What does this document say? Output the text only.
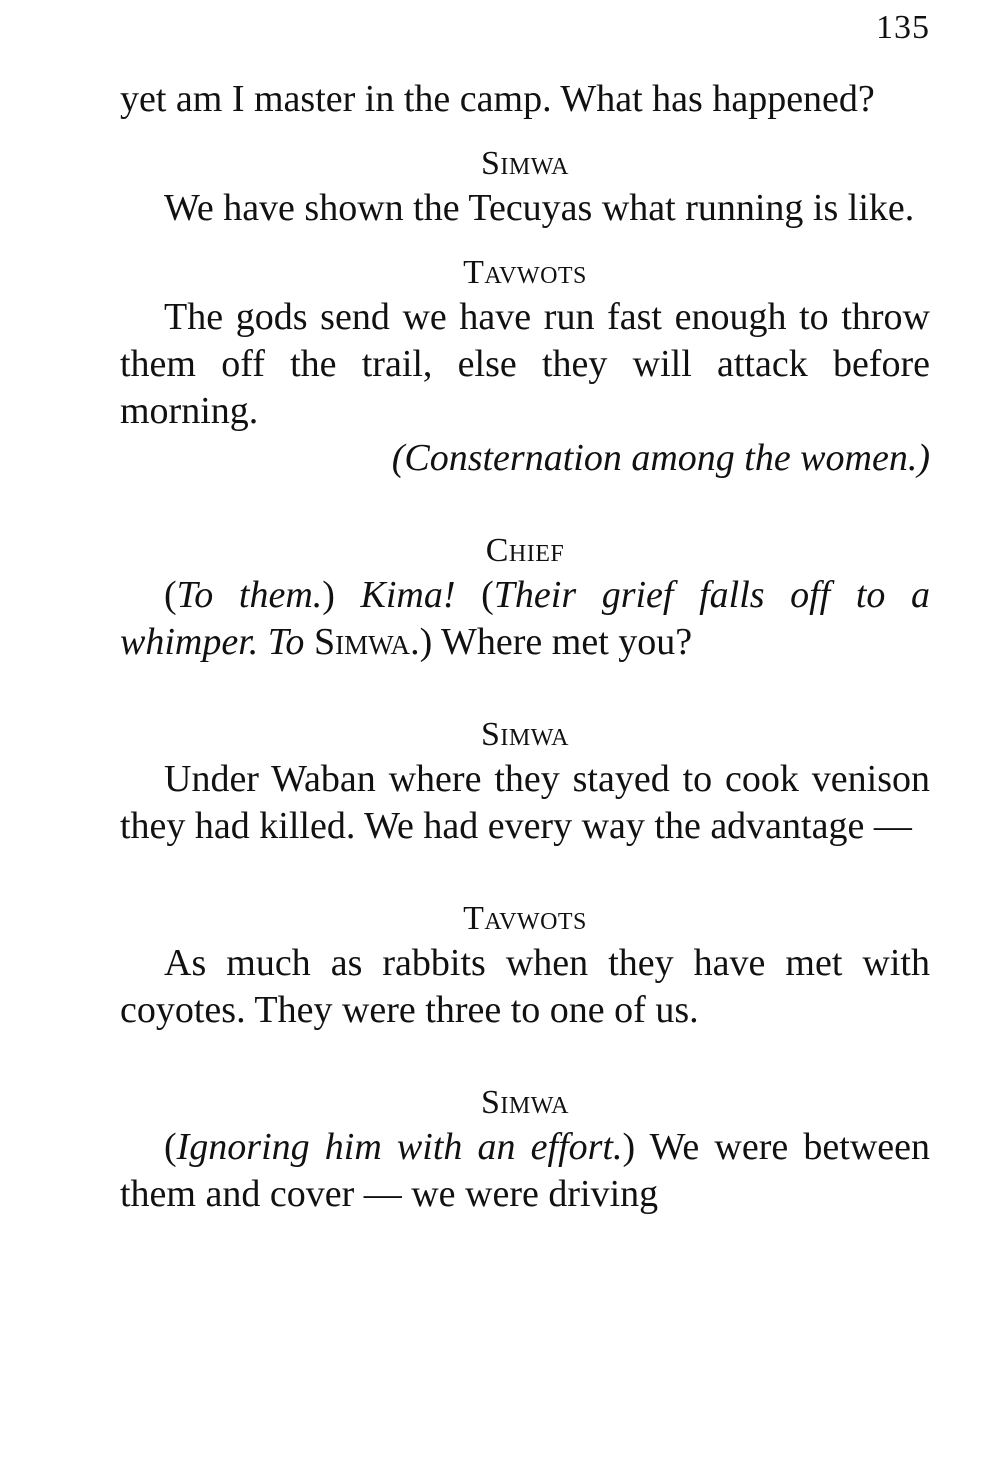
135

yet am I master in the camp. What has happened?

Simwa

We have shown the Tecuyas what running is like.

Tavwots

The gods send we have run fast enough to throw them off the trail, else they will attack before morning.

(Consternation among the women.)

Chief

(To them.) Kima! (Their grief falls off to a whimper. To Simwa.) Where met you?

Simwa

Under Waban where they stayed to cook venison they had killed. We had every way the advantage —

Tavwots

As much as rabbits when they have met with coyotes. They were three to one of us.

Simwa

(Ignoring him with an effort.) We were between them and cover — we were driving
